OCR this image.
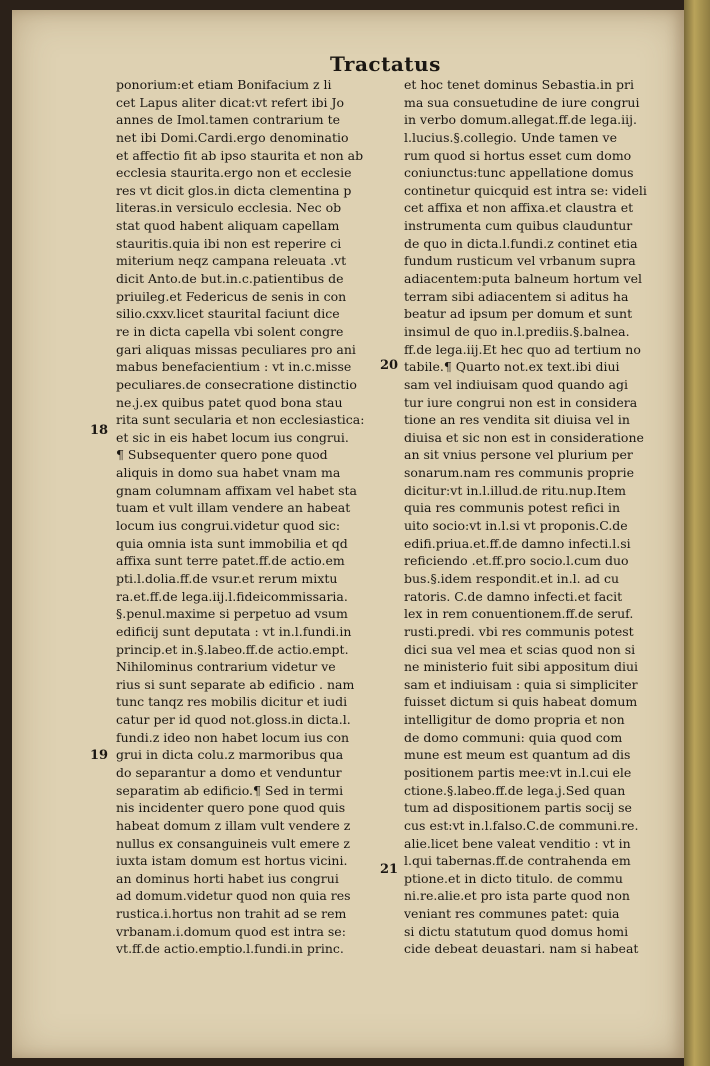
Tractatus
18
19
20
21
ponorium:et etiam Bonifacium z li
cet Lapus aliter dicat:vt refert ibi Jo
annes de Imol.tamen contrarium te
net ibi Domi.Cardi.ergo denominatio
et affectio fit ab ipso staurita et non ab
ecclesia staurita.ergo non et ecclesie
res vt dicit glos.in dicta clementina p
literas.in versiculo ecclesia. Nec ob
stat quod habent aliquam capellam
stauritis.quia ibi non est reperire ci
miterium neqz campana releuata .vt
dicit Anto.de but.in.c.patientibus de
priuileg.et Federicus de senis in con
silio.cxxv.licet staurital faciunt dice
re in dicta capella vbi solent congre
gari aliquas missas peculiares pro ani
mabus benefacientium : vt in.c.misse
peculiares.de consecratione distinctio
ne.j.ex quibus patet quod bona stau
rita sunt secularia et non ecclesiastica:
et sic in eis habet locum ius congrui.
¶ Subsequenter quero pone quod
aliquis in domo sua habet vnam ma
gnam columnam affixam vel habet sta
tuam et vult illam vendere an habeat
locum ius congrui.videtur quod sic:
quia omnia ista sunt immobilia et qd
affixa sunt terre patet.ff.de actio.em
pti.l.dolia.ff.de vsur.et rerum mixtu
ra.et.ff.de lega.iij.l.fideicommissaria.
§.penul.maxime si perpetuo ad vsum
edificij sunt deputata : vt in.l.fundi.in
princip.et in.§.labeo.ff.de actio.empt.
Nihilominus contrarium videtur ve
rius si sunt separate ab edificio . nam
tunc tanqz res mobilis dicitur et iudi
catur per id quod not.gloss.in dicta.l.
fundi.z ideo non habet locum ius con
grui in dicta colu.z marmoribus qua
do separantur a domo et venduntur
separatim ab edificio.¶ Sed in termi
nis incidenter quero pone quod quis
habeat domum z illam vult vendere z
nullus ex consanguineis vult emere z
iuxta istam domum est hortus vicini.
an dominus horti habet ius congrui
ad domum.videtur quod non quia res
rustica.i.hortus non trahit ad se rem
vrbanam.i.domum quod est intra se:
vt.ff.de actio.emptio.l.fundi.in princ.
et hoc tenet dominus Sebastia.in pri
ma sua consuetudine de iure congrui
in verbo domum.allegat.ff.de lega.iij.
l.lucius.§.collegio. Unde tamen ve
rum quod si hortus esset cum domo
coniunctus:tunc appellatione domus
continetur quicquid est intra se: videli
cet affixa et non affixa.et claustra et
instrumenta cum quibus clauduntur
de quo in dicta.l.fundi.z continet etia
fundum rusticum vel vrbanum supra
adiacentem:puta balneum hortum vel
terram sibi adiacentem si aditus ha
beatur ad ipsum per domum et sunt
insimul de quo in.l.prediis.§.balnea.
ff.de lega.iij.Et hec quo ad tertium no
tabile.¶ Quarto not.ex text.ibi diui
sam vel indiuisam quod quando agi
tur iure congrui non est in considera
tione an res vendita sit diuisa vel in
diuisa et sic non est in consideratione
an sit vnius persone vel plurium per
sonarum.nam res communis proprie
dicitur:vt in.l.illud.de ritu.nup.Item
quia res communis potest refici in
uito socio:vt in.l.si vt proponis.C.de
edifi.priua.et.ff.de damno infecti.l.si
reficiendo .et.ff.pro socio.l.cum duo
bus.§.idem respondit.et in.l. ad cu
ratoris. C.de damno infecti.et facit
lex in rem conuentionem.ff.de seruf.
rusti.predi. vbi res communis potest
dici sua vel mea et scias quod non si
ne ministerio fuit sibi appositum diui
sam et indiuisam : quia si simpliciter
fuisset dictum si quis habeat domum
intelligitur de domo propria et non
de domo communi: quia quod com
mune est meum est quantum ad dis
positionem partis mee:vt in.l.cui ele
ctione.§.labeo.ff.de lega.j.Sed quan
tum ad dispositionem partis socij se
cus est:vt in.l.falso.C.de communi.re.
alie.licet bene valeat venditio : vt in
l.qui tabernas.ff.de contrahenda em
ptione.et in dicto titulo. de commu
ni.re.alie.et pro ista parte quod non
veniant res communes patet: quia
si dictu statutum quod domus homi
cide debeat deuastari. nam si habeat
